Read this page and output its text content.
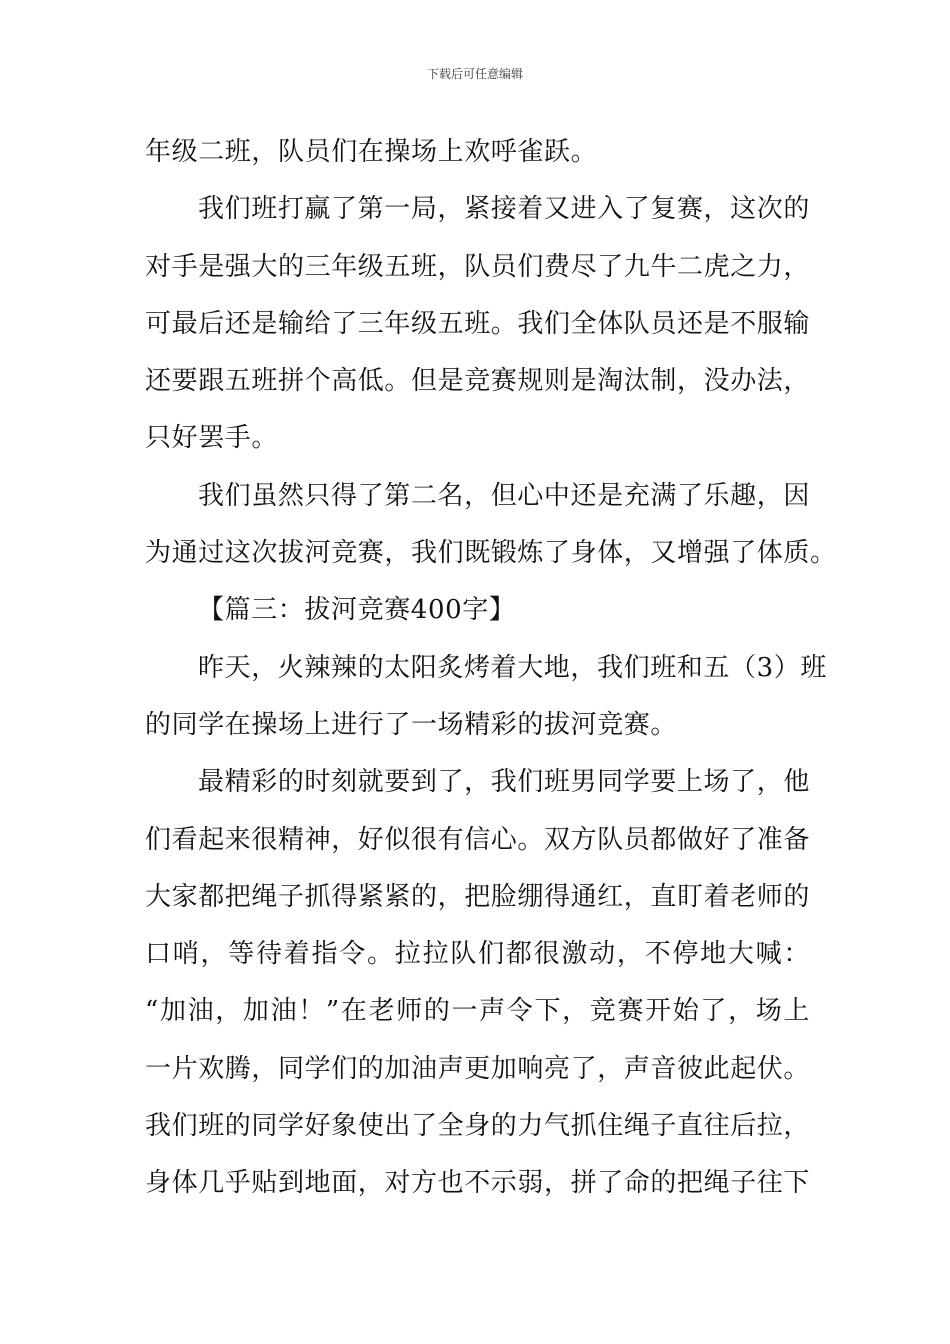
下载后可任意编辑
年级二班，队员们在操场上欢呼雀跃。
我们班打赢了第一局，紧接着又进入了复赛，这次的
对手是强大的三年级五班，队员们费尽了九牛二虎之力，
可最后还是输给了三年级五班。我们全体队员还是不服输
还要跟五班拼个高低。但是竞赛规则是淘汰制，没办法，
只好罢手。
我们虽然只得了第二名，但心中还是充满了乐趣，因
为通过这次拔河竞赛，我们既锻炼了身体，又增强了体质。
【篇三：拔河竞赛400字】
昨天，火辣辣的太阳炙烤着大地，我们班和五（3）班
的同学在操场上进行了一场精彩的拔河竞赛。
最精彩的时刻就要到了，我们班男同学要上场了，他
们看起来很精神，好似很有信心。双方队员都做好了准备
大家都把绳子抓得紧紧的，把脸绷得通红，直盯着老师的
口哨，等待着指令。拉拉队们都很激动，不停地大喊：
“加油，加油！”在老师的一声令下，竞赛开始了，场上
一片欢腾，同学们的加油声更加响亮了，声音彼此起伏。
我们班的同学好象使出了全身的力气抓住绳子直往后拉，
身体几乎贴到地面，对方也不示弱，拼了命的把绳子往下
